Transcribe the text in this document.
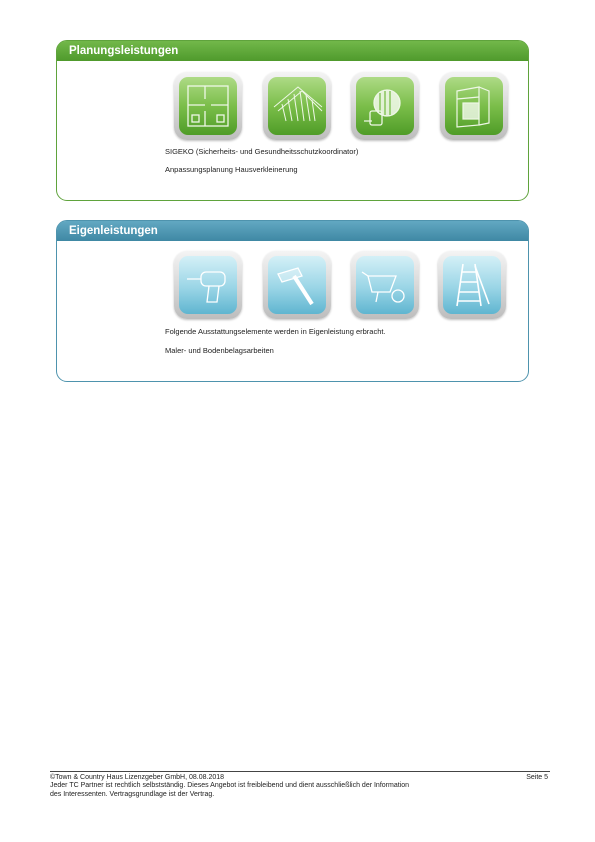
Planungsleistungen
SIGEKO (Sicherheits- und Gesundheitsschutzkoordinator)
Anpassungsplanung Hausverkleinerung
Eigenleistungen
Folgende Ausstattungselemente werden in Eigenleistung erbracht.
Maler- und Bodenbelagsarbeiten
©Town & Country Haus Lizenzgeber GmbH, 08.08.2018
Jeder TC Partner ist rechtlich selbstständig. Dieses Angebot ist freibleibend und dient ausschließlich der Information
des Interessenten. Vertragsgrundlage ist der Vertrag.
Seite 5
